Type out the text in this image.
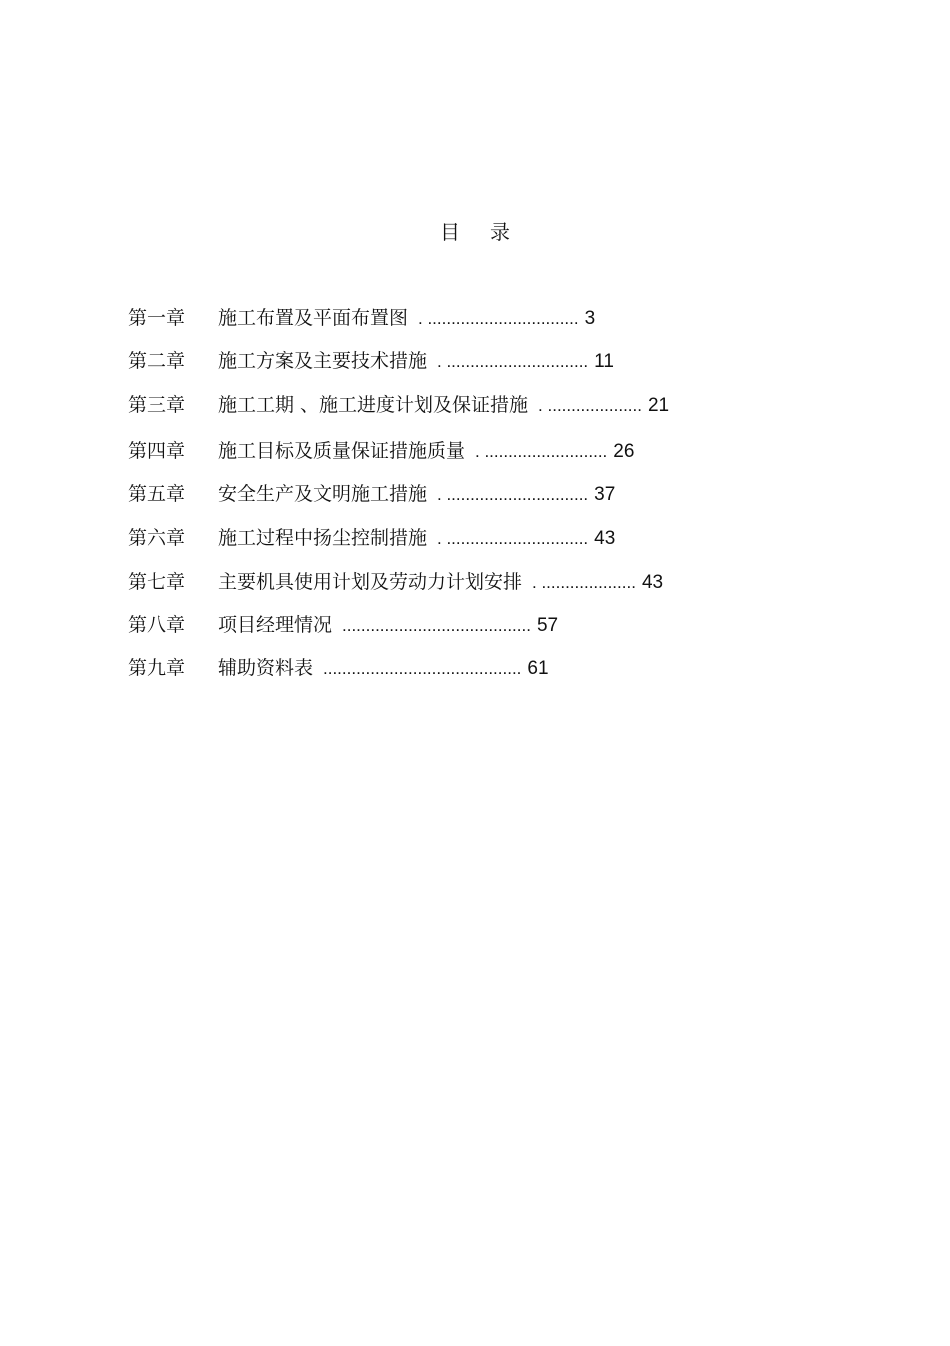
目 录
第一章 施工布置及平面布置图 . ................................ 3
第二章 施工方案及主要技术措施 . .............................. 11
第三章 施工工期 、施工进度计划及保证措施 . .................... 21
第四章 施工目标及质量保证措施质量 . .......................... 26
第五章 安全生产及文明施工措施 . .............................. 37
第六章 施工过程中扬尘控制措施 . .............................. 43
第七章 主要机具使用计划及劳动力计划安排 . .................... 43
第八章 项目经理情况 ........................................ 57
第九章 辅助资料表 .......................................... 61
